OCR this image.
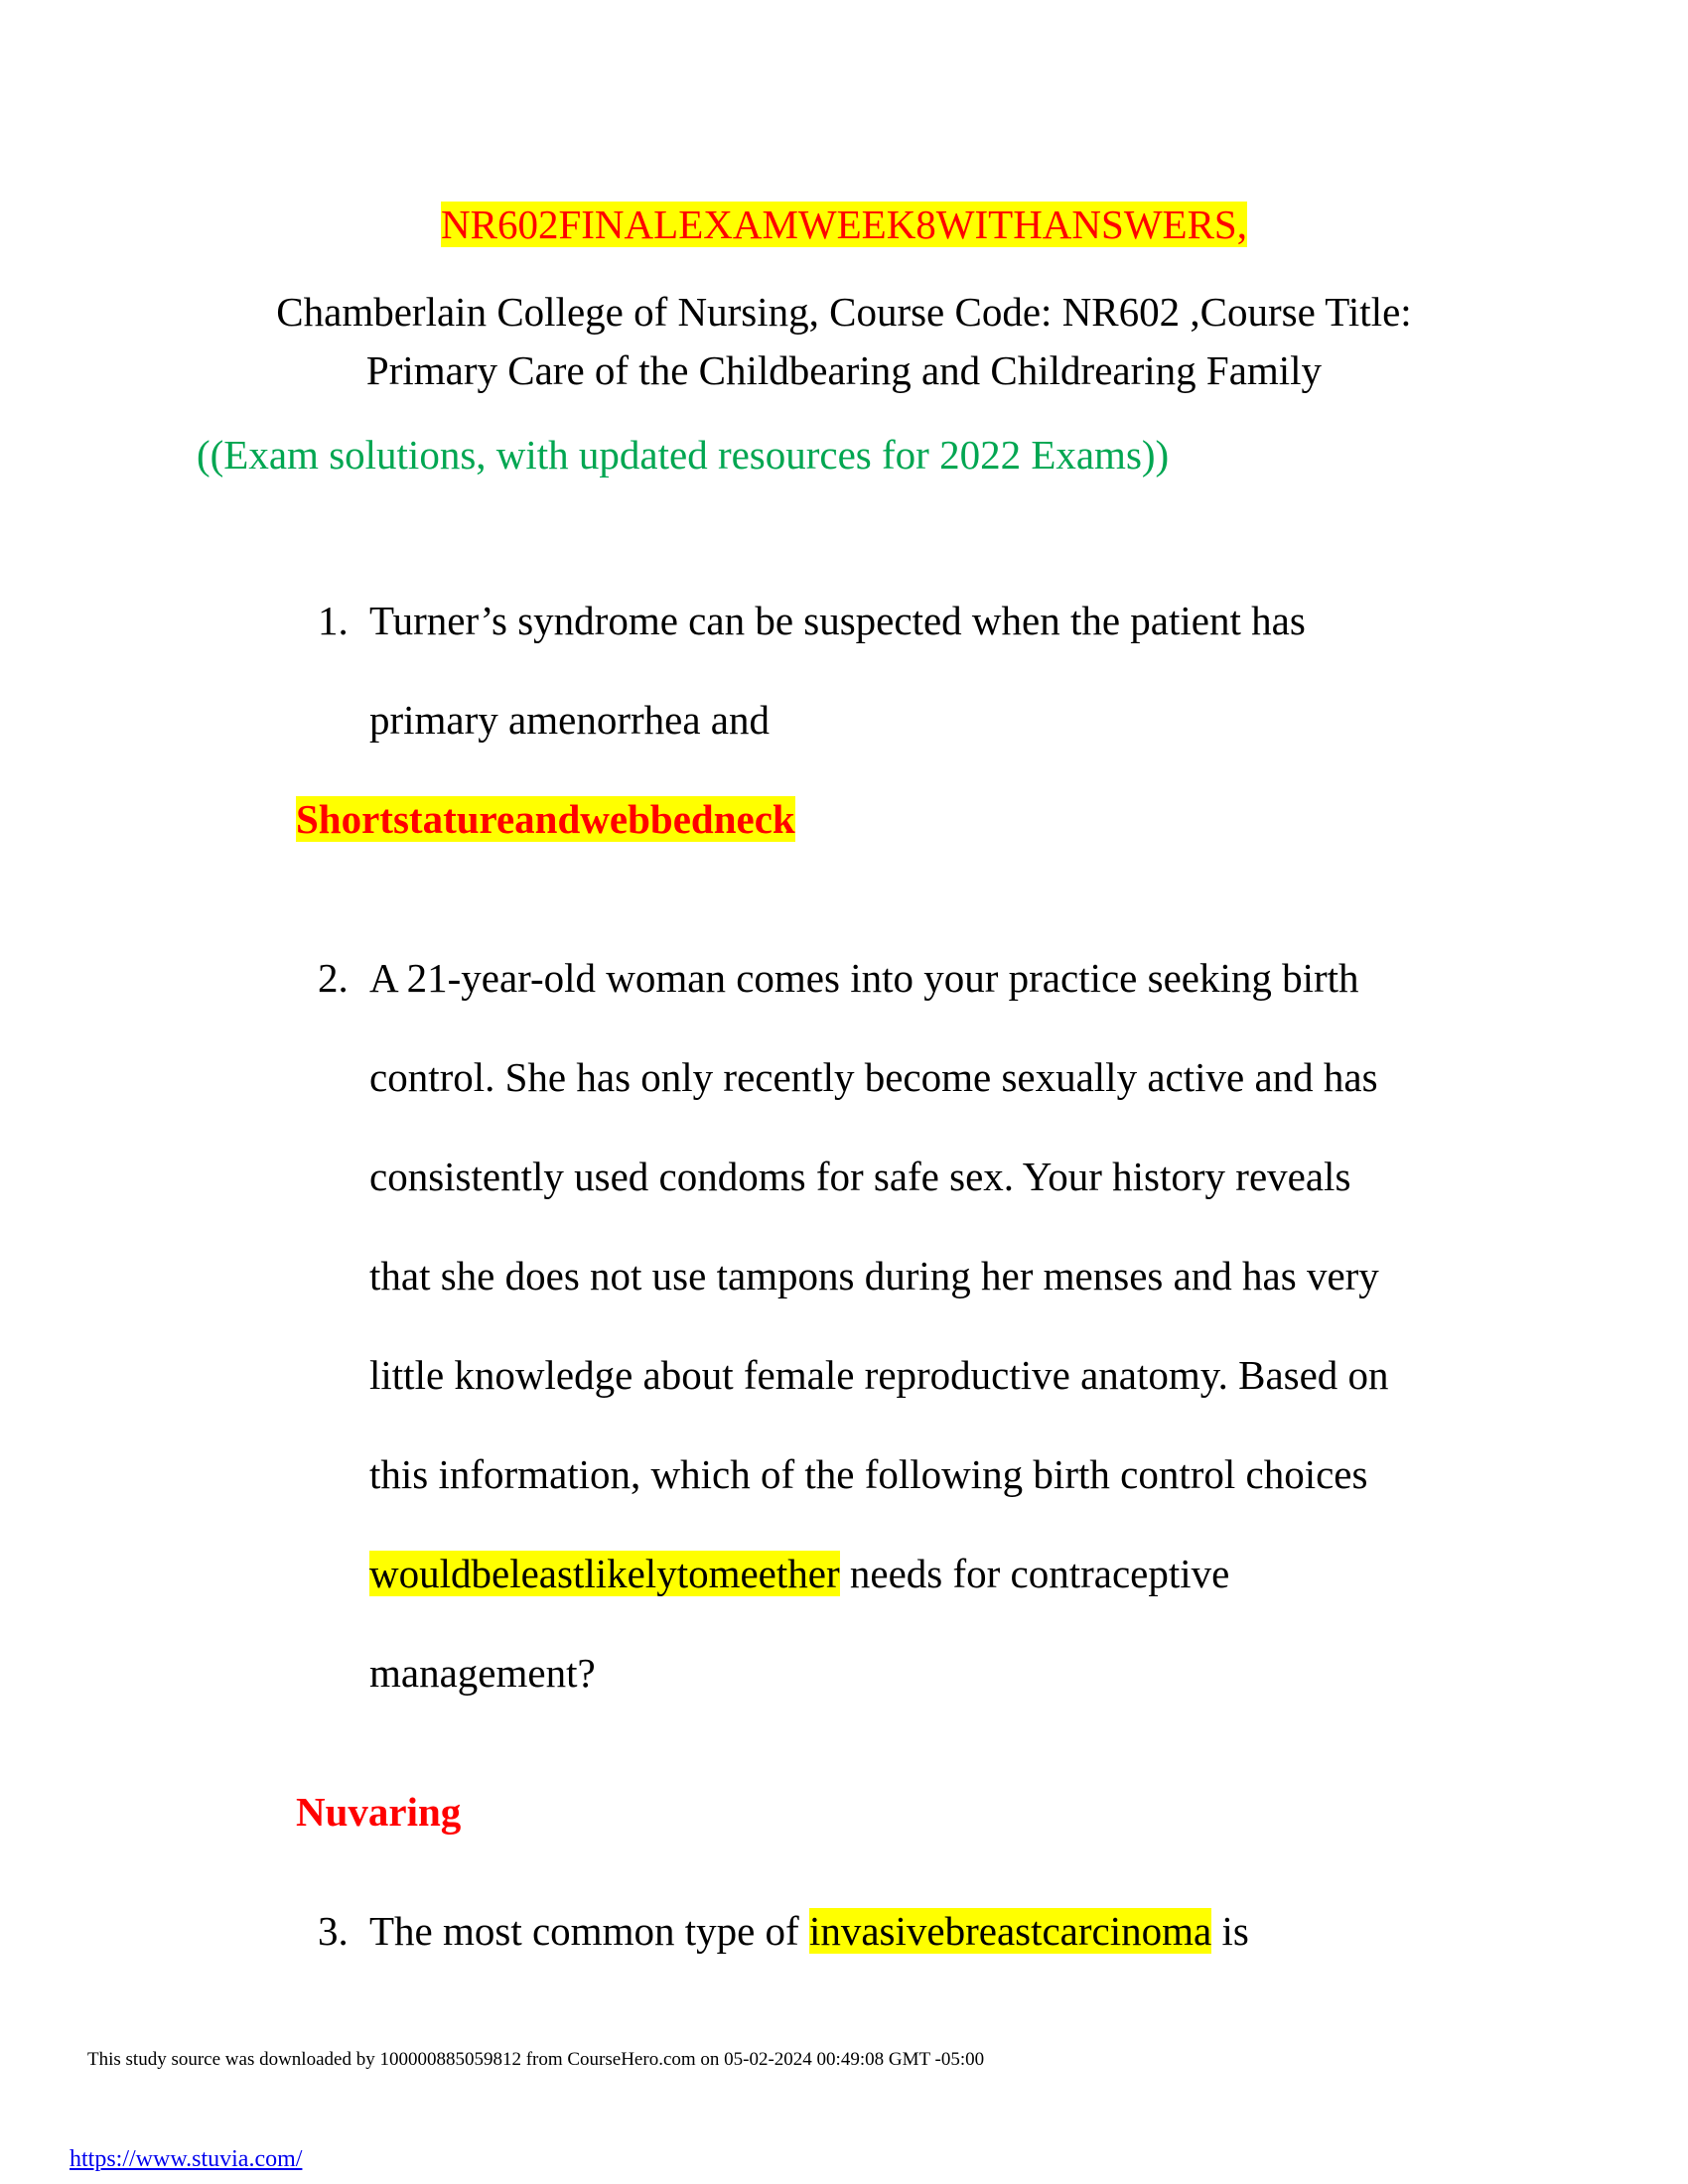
NR602FINALEXAMWEEK8WITHANSWERS,
Chamberlain College of Nursing, Course Code: NR602 ,Course Title:
Primary Care of the Childbearing and Childrearing Family
((Exam solutions, with updated resources for 2022 Exams))
1. Turner’s syndrome can be suspected when the patient has
primary amenorrhea and
Shortstatureandwebbedneck
2. A 21-year-old woman comes into your practice seeking birth
control. She has only recently become sexually active and has
consistently used condoms for safe sex. Your history reveals
that she does not use tampons during her menses and has very
little knowledge about female reproductive anatomy. Based on
this information, which of the following birth control choices
wouldbeleastlikelytomeether needs for contraceptive
management?
Nuvaring
3. The most common type of invasivebreastcarcinoma is
This study source was downloaded by 100000885059812 from CourseHero.com on 05-02-2024 00:49:08 GMT -05:00
https://www.stuvia.com/
